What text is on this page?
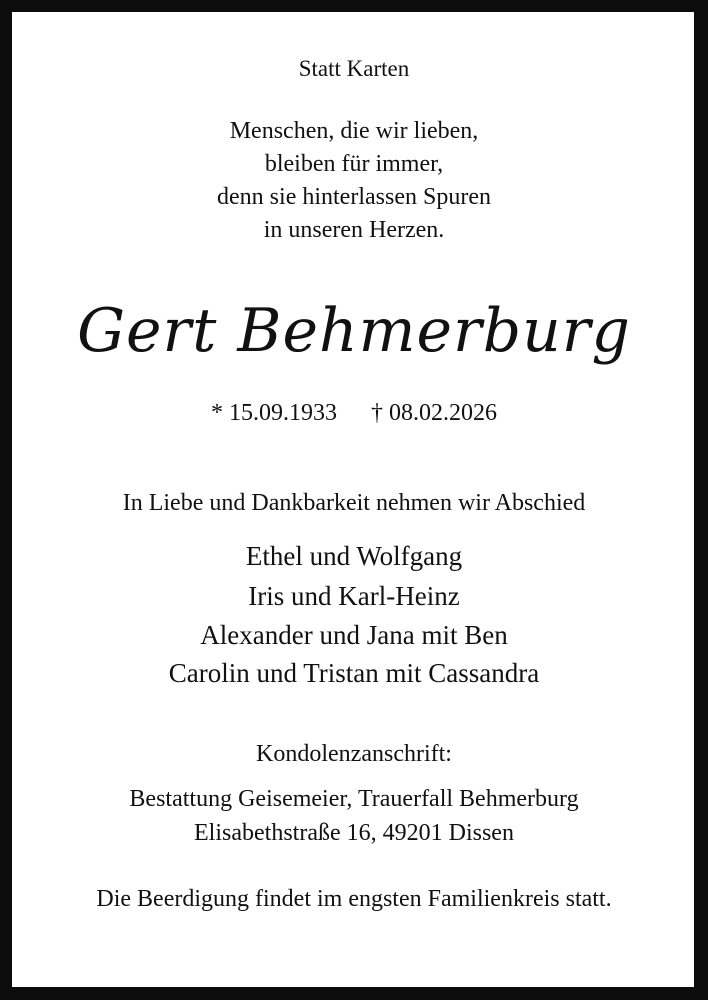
Statt Karten
Menschen, die wir lieben,
bleiben für immer,
denn sie hinterlassen Spuren
in unseren Herzen.
Gert Behmerburg
* 15.09.1933 † 08.02.2026
In Liebe und Dankbarkeit nehmen wir Abschied
Ethel und Wolfgang
Iris und Karl-Heinz
Alexander und Jana mit Ben
Carolin und Tristan mit Cassandra
Kondolenzanschrift:
Bestattung Geisemeier, Trauerfall Behmerburg
Elisabethstraße 16, 49201 Dissen
Die Beerdigung findet im engsten Familienkreis statt.
